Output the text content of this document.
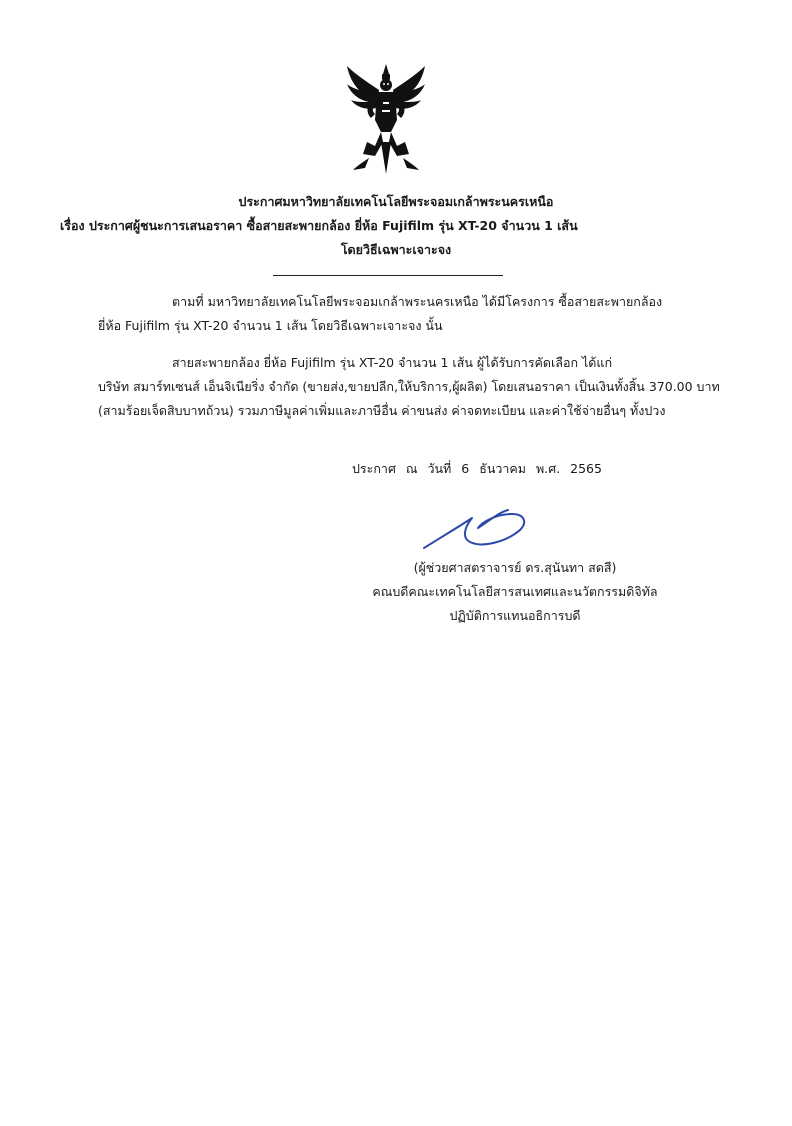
ประกาศมหาวิทยาลัยเทคโนโลยีพระจอมเกล้าพระนครเหนือ
เรื่อง ประกาศผู้ชนะการเสนอราคา ซื้อสายสะพายกล้อง ยี่ห้อ Fujifilm รุ่น XT-20 จำนวน 1 เส้น
โดยวิธีเฉพาะเจาะจง
ตามที่ มหาวิทยาลัยเทคโนโลยีพระจอมเกล้าพระนครเหนือ ได้มีโครงการ ซื้อสายสะพายกล้อง
ยี่ห้อ Fujifilm รุ่น XT-20 จำนวน 1 เส้น โดยวิธีเฉพาะเจาะจง นั้น
สายสะพายกล้อง ยี่ห้อ Fujifilm รุ่น XT-20 จำนวน 1 เส้น ผู้ได้รับการคัดเลือก ได้แก่
บริษัท สมาร์ทเซนส์ เอ็นจิเนียริ่ง จำกัด (ขายส่ง,ขายปลีก,ให้บริการ,ผู้ผลิต) โดยเสนอราคา เป็นเงินทั้งสิ้น 370.00 บาท
(สามร้อยเจ็ดสิบบาทถ้วน) รวมภาษีมูลค่าเพิ่มและภาษีอื่น ค่าขนส่ง ค่าจดทะเบียน และค่าใช้จ่ายอื่นๆ ทั้งปวง
ประกาศ ณ วันที่ 6 ธันวาคม พ.ศ. 2565
(ผู้ช่วยศาสตราจารย์ ดร.สุนันทา สดสี)
คณบดีคณะเทคโนโลยีสารสนเทศและนวัตกรรมดิจิทัล
ปฏิบัติการแทนอธิการบดี
